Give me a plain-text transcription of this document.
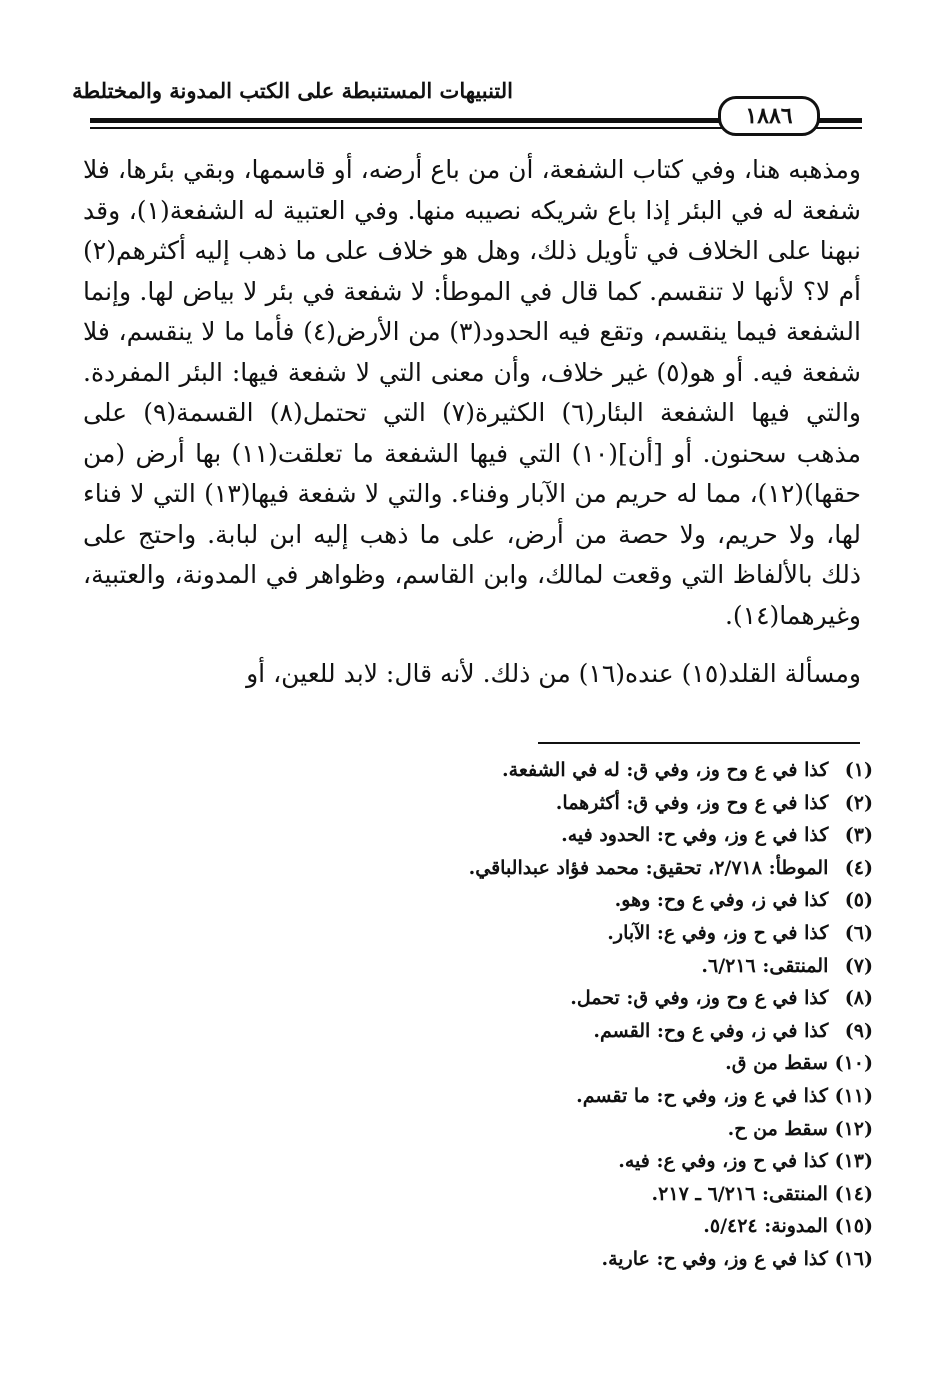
التنبيهات المستنبطة على الكتب المدونة والمختلطة
١٨٨٦

ومذهبه هنا، وفي كتاب الشفعة، أن من باع أرضه، أو قاسمها، وبقي بئرها، فلا شفعة له في البئر إذا باع شريكه نصيبه منها. وفي العتبية له الشفعة(١)، وقد نبهنا على الخلاف في تأويل ذلك، وهل هو خلاف على ما ذهب إليه أكثرهم(٢) أم لا؟ لأنها لا تنقسم. كما قال في الموطأ: لا شفعة في بئر لا بياض لها. وإنما الشفعة فيما ينقسم، وتقع فيه الحدود(٣) من الأرض(٤) فأما ما لا ينقسم، فلا شفعة فيه. أو هو(٥) غير خلاف، وأن معنى التي لا شفعة فيها: البئر المفردة. والتي فيها الشفعة البئار(٦) الكثيرة(٧) التي تحتمل(٨) القسمة(٩) على مذهب سحنون. أو [أن](١٠) التي فيها الشفعة ما تعلقت(١١) بها أرض (من حقها)(١٢)، مما له حريم من الآبار وفناء. والتي لا شفعة فيها(١٣) التي لا فناء لها، ولا حريم، ولا حصة من أرض، على ما ذهب إليه ابن لبابة. واحتج على ذلك بالألفاظ التي وقعت لمالك، وابن القاسم، وظواهر في المدونة، والعتبية، وغيرهما(١٤).

ومسألة القلد(١٥) عنده(١٦) من ذلك. لأنه قال: لابد للعين، أو

(١) كذا في ع وح وز، وفي ق: له في الشفعة.
(٢) كذا في ع وح وز، وفي ق: أكثرهما.
(٣) كذا في ع وز، وفي ح: الحدود فيه.
(٤) الموطأ: ٢/٧١٨، تحقيق: محمد فؤاد عبدالباقي.
(٥) كذا في ز، وفي ع وح: وهو.
(٦) كذا في ح وز، وفي ع: الآبار.
(٧) المنتقى: ٦/٢١٦.
(٨) كذا في ع وح وز، وفي ق: تحمل.
(٩) كذا في ز، وفي ع وح: القسم.
(١٠) سقط من ق.
(١١) كذا في ع وز، وفي ح: ما تقسم.
(١٢) سقط من ح.
(١٣) كذا في ح وز، وفي ع: فيه.
(١٤) المنتقى: ٦/٢١٦ ـ ٢١٧.
(١٥) المدونة: ٥/٤٢٤.
(١٦) كذا في ع وز، وفي ح: عارية.
